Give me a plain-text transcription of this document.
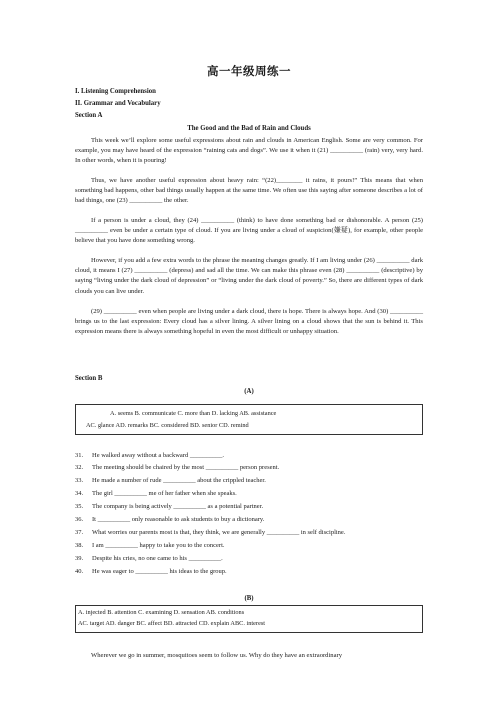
高一年级周练一
I. Listening Comprehension
II. Grammar and Vocabulary
Section A
The Good and the Bad of Rain and Clouds

This week we’ll explore some useful expressions about rain and clouds in American English. Some are very common. For example, you may have heard of the expression “raining cats and dogs”. We use it when it (21) __________ (rain) very, very hard. In other words, when it is pouring!

Thus, we have another useful expression about heavy rain: “(22)________ it rains, it pours!” This means that when something bad happens, other bad things usually happen at the same time. We often use this saying after someone describes a lot of bad things, one (23) __________ the other.

If a person is under a cloud, they (24) __________ (think) to have done something bad or dishonorable. A person (25) __________ even be under a certain type of cloud. If you are living under a cloud of suspicion(嫌疑), for example, other people believe that you have done something wrong.

However, if you add a few extra words to the phrase the meaning changes greatly. If I am living under (26) __________ dark cloud, it means I (27) __________ (depress) and sad all the time. We can make this phrase even (28) __________ (descriptive) by saying “living under the dark cloud of depression” or “living under the dark cloud of poverty.” So, there are different types of dark clouds you can live under.

(29) __________ even when people are living under a dark cloud, there is hope. There is always hope. And (30) __________ brings us to the last expression: Every cloud has a silver lining. A silver lining on a cloud shows that the sun is behind it. This expression means there is always something hopeful in even the most difficult or unhappy situation.

Section B
(A)
A. seems B. communicate C. more than D. lacking AB. assistance
AC. glance AD. remarks BC. considered BD. senior CD. remind
31. He walked away without a backward __________.
32. The meeting should be chaired by the most __________ person present.
33. He made a number of rude __________ about the crippled teacher.
34. The girl __________ me of her father when she speaks.
35. The company is being actively __________ as a potential partner.
36. It __________ only reasonable to ask students to buy a dictionary.
37. What worries our parents most is that, they think, we are generally __________ in self discipline.
38. I am __________ happy to take you to the concert.
39. Despite his cries, no one came to his __________.
40. He was eager to __________ his ideas to the group.
(B)
A. injected B. attention C. examining D. sensation AB. conditions
AC. target AD. danger BC. affect BD. attracted CD. explain ABC. interest
Wherever we go in summer, mosquitoes seem to follow us. Why do they have an extraordinary
